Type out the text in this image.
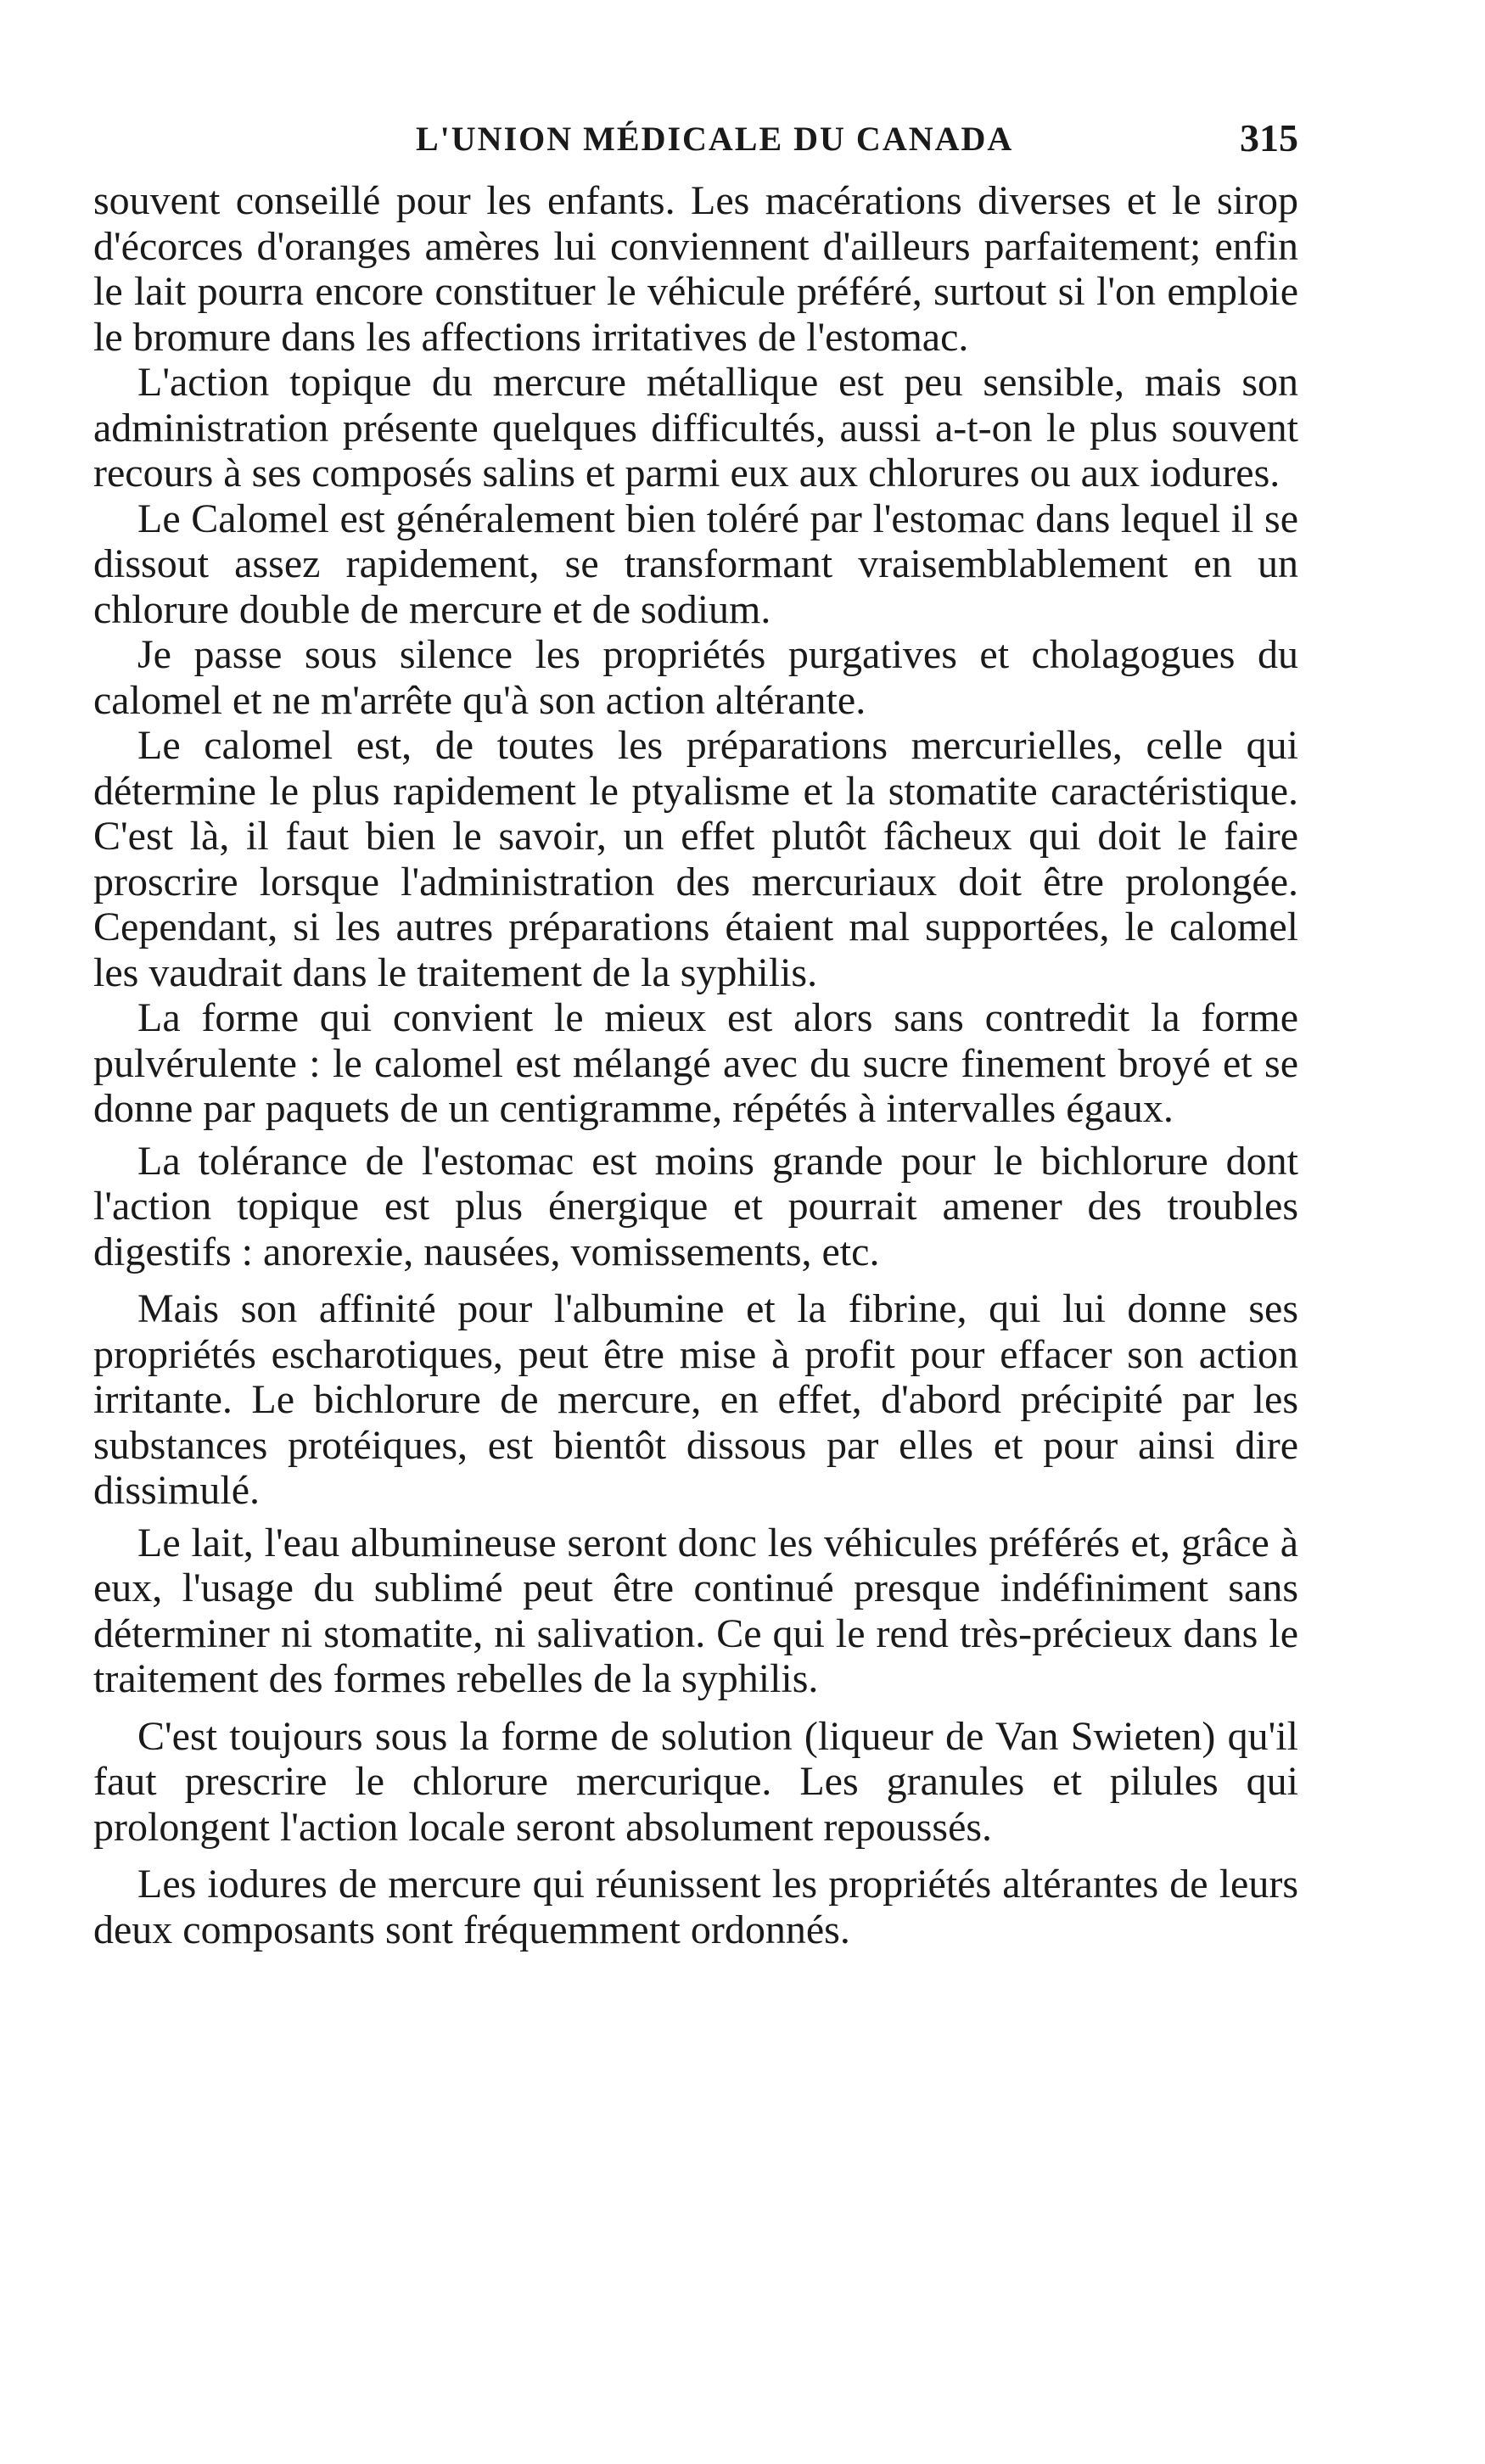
L'UNION MÉDICALE DU CANADA	315

souvent conseillé pour les enfants. Les macérations diverses et le sirop d'écorces d'oranges amères lui conviennent d'ailleurs parfaitement; enfin le lait pourra encore constituer le véhicule préféré, surtout si l'on emploie le bromure dans les affections irritatives de l'estomac.

L'action topique du mercure métallique est peu sensible, mais son administration présente quelques difficultés, aussi a-t-on le plus souvent recours à ses composés salins et parmi eux aux chlorures ou aux iodures.

Le Calomel est généralement bien toléré par l'estomac dans lequel il se dissout assez rapidement, se transformant vraisemblablement en un chlorure double de mercure et de sodium.

Je passe sous silence les propriétés purgatives et cholagogues du calomel et ne m'arrête qu'à son action altérante.

Le calomel est, de toutes les préparations mercurielles, celle qui détermine le plus rapidement le ptyalisme et la stomatite caractéristique. C'est là, il faut bien le savoir, un effet plutôt fâcheux qui doit le faire proscrire lorsque l'administration des mercuriaux doit être prolongée. Cependant, si les autres préparations étaient mal supportées, le calomel les vaudrait dans le traitement de la syphilis.

La forme qui convient le mieux est alors sans contredit la forme pulvérulente : le calomel est mélangé avec du sucre finement broyé et se donne par paquets de un centigramme, répétés à intervalles égaux.

La tolérance de l'estomac est moins grande pour le bichlorure dont l'action topique est plus énergique et pourrait amener des troubles digestifs : anorexie, nausées, vomissements, etc.

Mais son affinité pour l'albumine et la fibrine, qui lui donne ses propriétés escharotiques, peut être mise à profit pour effacer son action irritante. Le bichlorure de mercure, en effet, d'abord précipité par les substances protéiques, est bientôt dissous par elles et pour ainsi dire dissimulé.

Le lait, l'eau albumineuse seront donc les véhicules préférés et, grâce à eux, l'usage du sublimé peut être continué presque indéfiniment sans déterminer ni stomatite, ni salivation. Ce qui le rend très-précieux dans le traitement des formes rebelles de la syphilis.

C'est toujours sous la forme de solution (liqueur de Van Swieten) qu'il faut prescrire le chlorure mercurique. Les granules et pilules qui prolongent l'action locale seront absolument repoussés.

Les iodures de mercure qui réunissent les propriétés altérantes de leurs deux composants sont fréquemment ordonnés.
